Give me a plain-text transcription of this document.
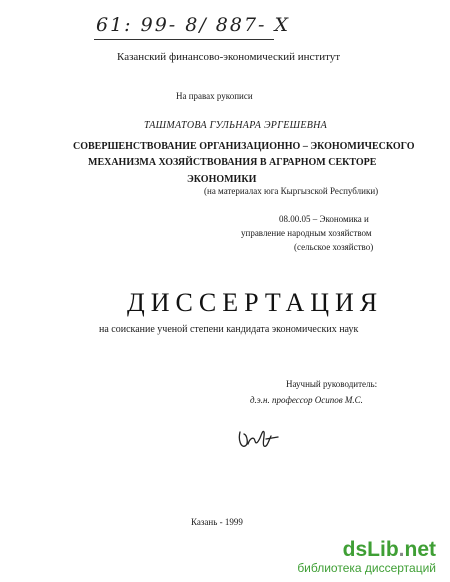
61: 99- 8/ 887- X
Казанский финансово-экономический институт
На правах рукописи
ТАШМАТОВА ГУЛЬНАРА ЭРГЕШЕВНА
СОВЕРШЕНСТВОВАНИЕ ОРГАНИЗАЦИОННО – ЭКОНОМИЧЕСКОГО
МЕХАНИЗМА ХОЗЯЙСТВОВАНИЯ В АГРАРНОМ СЕКТОРЕ
ЭКОНОМИКИ
(на материалах юга Кыргызской Республики)
08.00.05 – Экономика и
управление народным хозяйством
(сельское хозяйство)
ДИССЕРТАЦИЯ
на соискание ученой степени кандидата экономических наук
Научный руководитель:
д.э.н. профессор Осипов М.С.
Казань - 1999
dsLib.net
библиотека диссертаций
